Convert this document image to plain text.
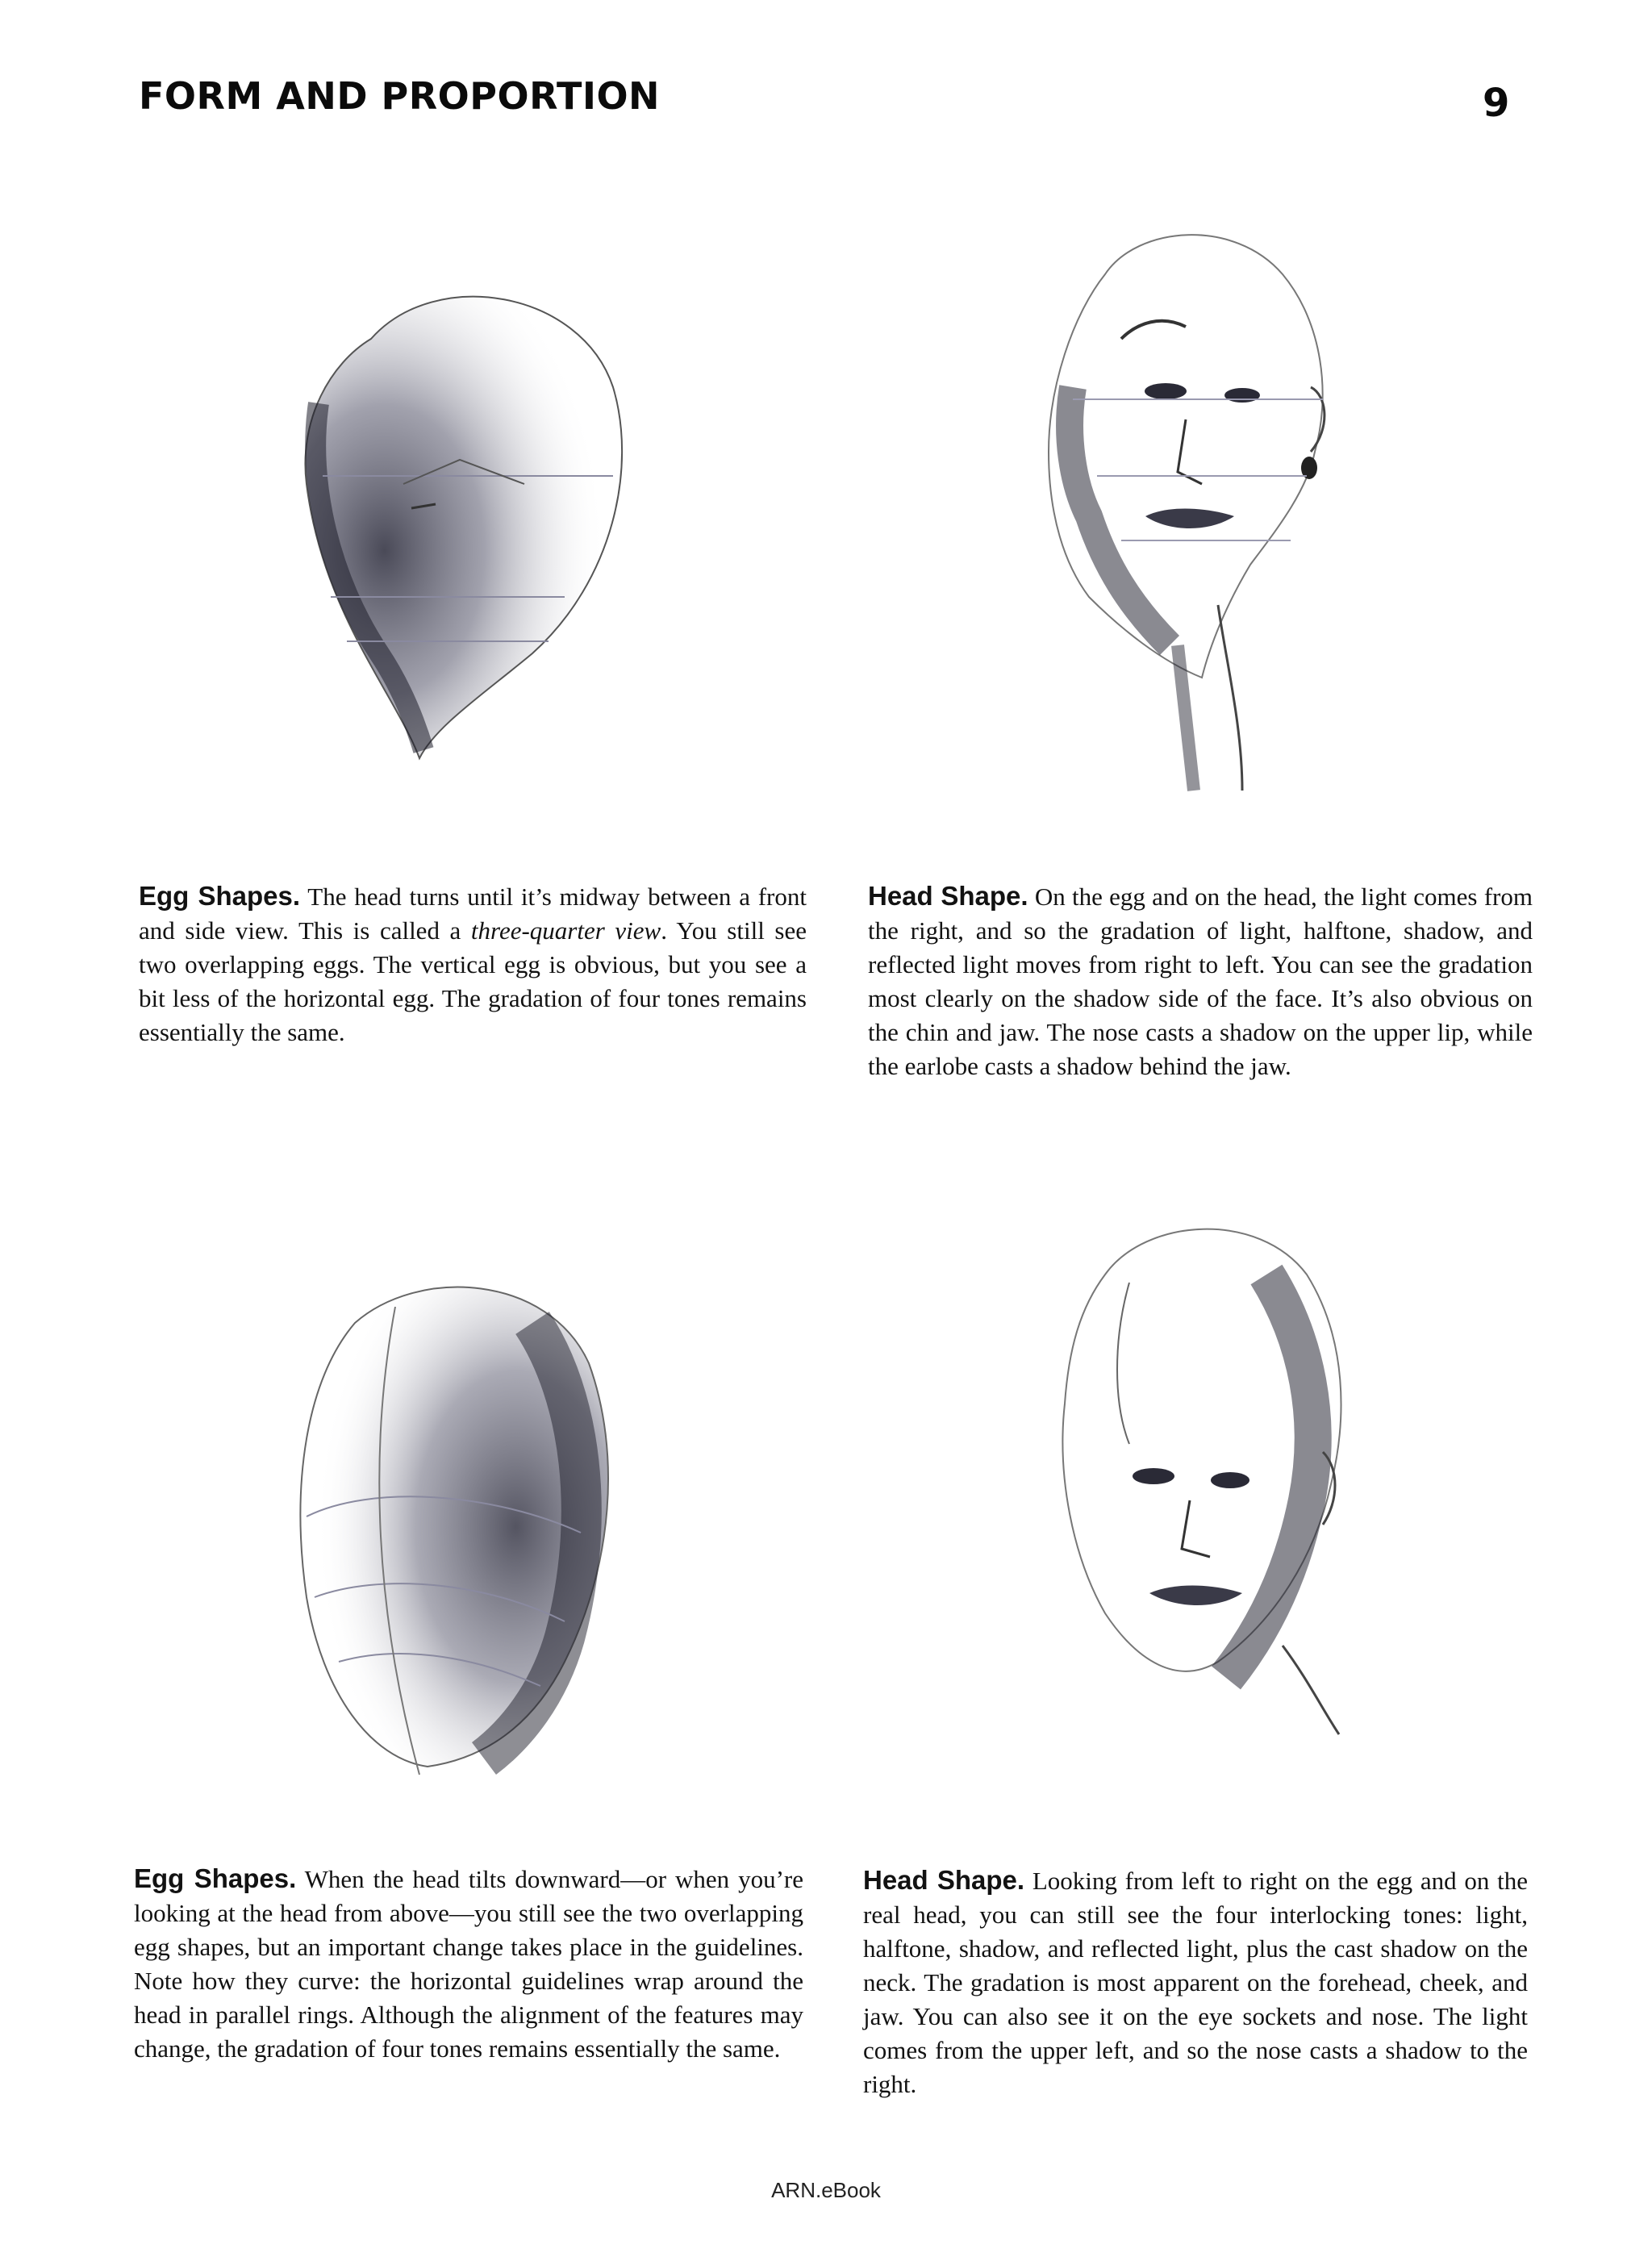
FORM AND PROPORTION	9
Egg Shapes. The head turns until it’s midway between a front and side view. This is called a three-quarter view. You still see two overlapping eggs. The vertical egg is obvious, but you see a bit less of the horizontal egg. The gradation of four tones remains essentially the same.
Head Shape. On the egg and on the head, the light comes from the right, and so the gradation of light, halftone, shadow, and reflected light moves from right to left. You can see the gradation most clearly on the shadow side of the face. It’s also obvious on the chin and jaw. The nose casts a shadow on the upper lip, while the earlobe casts a shadow behind the jaw.
Egg Shapes. When the head tilts downward—or when you’re looking at the head from above—you still see the two overlapping egg shapes, but an important change takes place in the guidelines. Note how they curve: the horizontal guidelines wrap around the head in parallel rings. Although the alignment of the features may change, the gradation of four tones remains essentially the same.
Head Shape. Looking from left to right on the egg and on the real head, you can still see the four interlocking tones: light, halftone, shadow, and reflected light, plus the cast shadow on the neck. The gradation is most apparent on the forehead, cheek, and jaw. You can also see it on the eye sockets and nose. The light comes from the upper left, and so the nose casts a shadow to the right.
ARN.eBook
